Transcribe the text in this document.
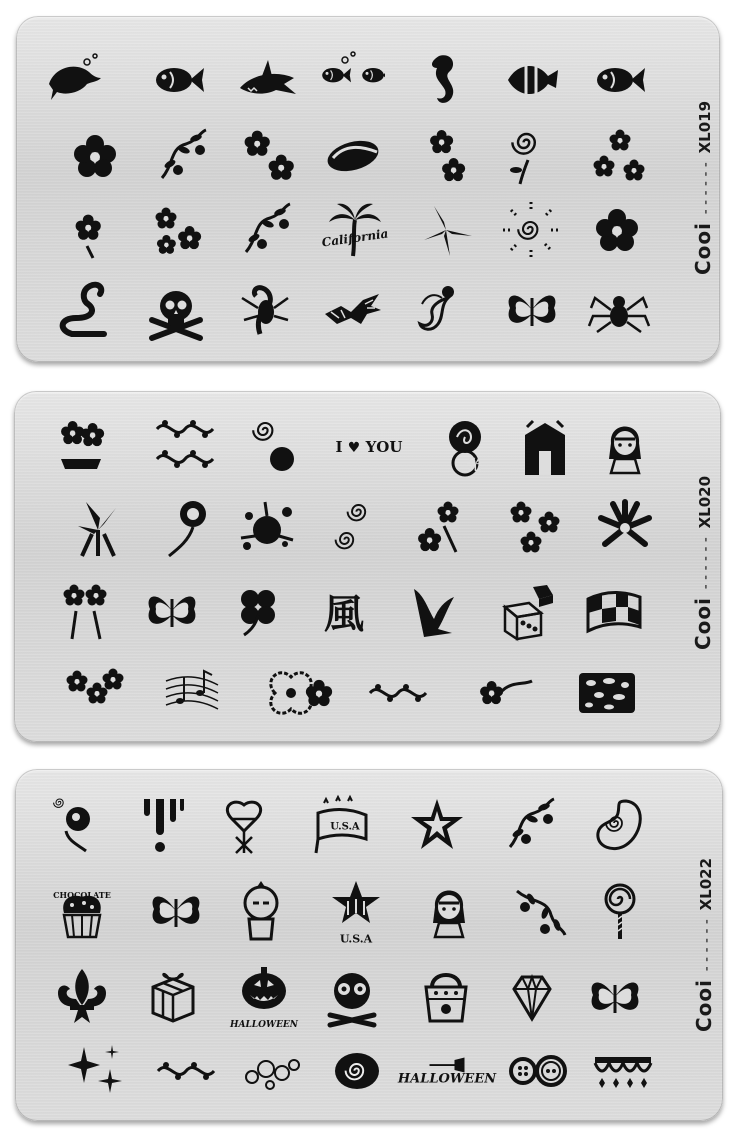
California	Cooi
------
XL019
I ♥ YOU
光
風	Cooi
------
XL020
U.S.A
CHOCOLATE
U.S.A
HALLOWEEN
HALLOWEEN
Cooi
------
XL022
